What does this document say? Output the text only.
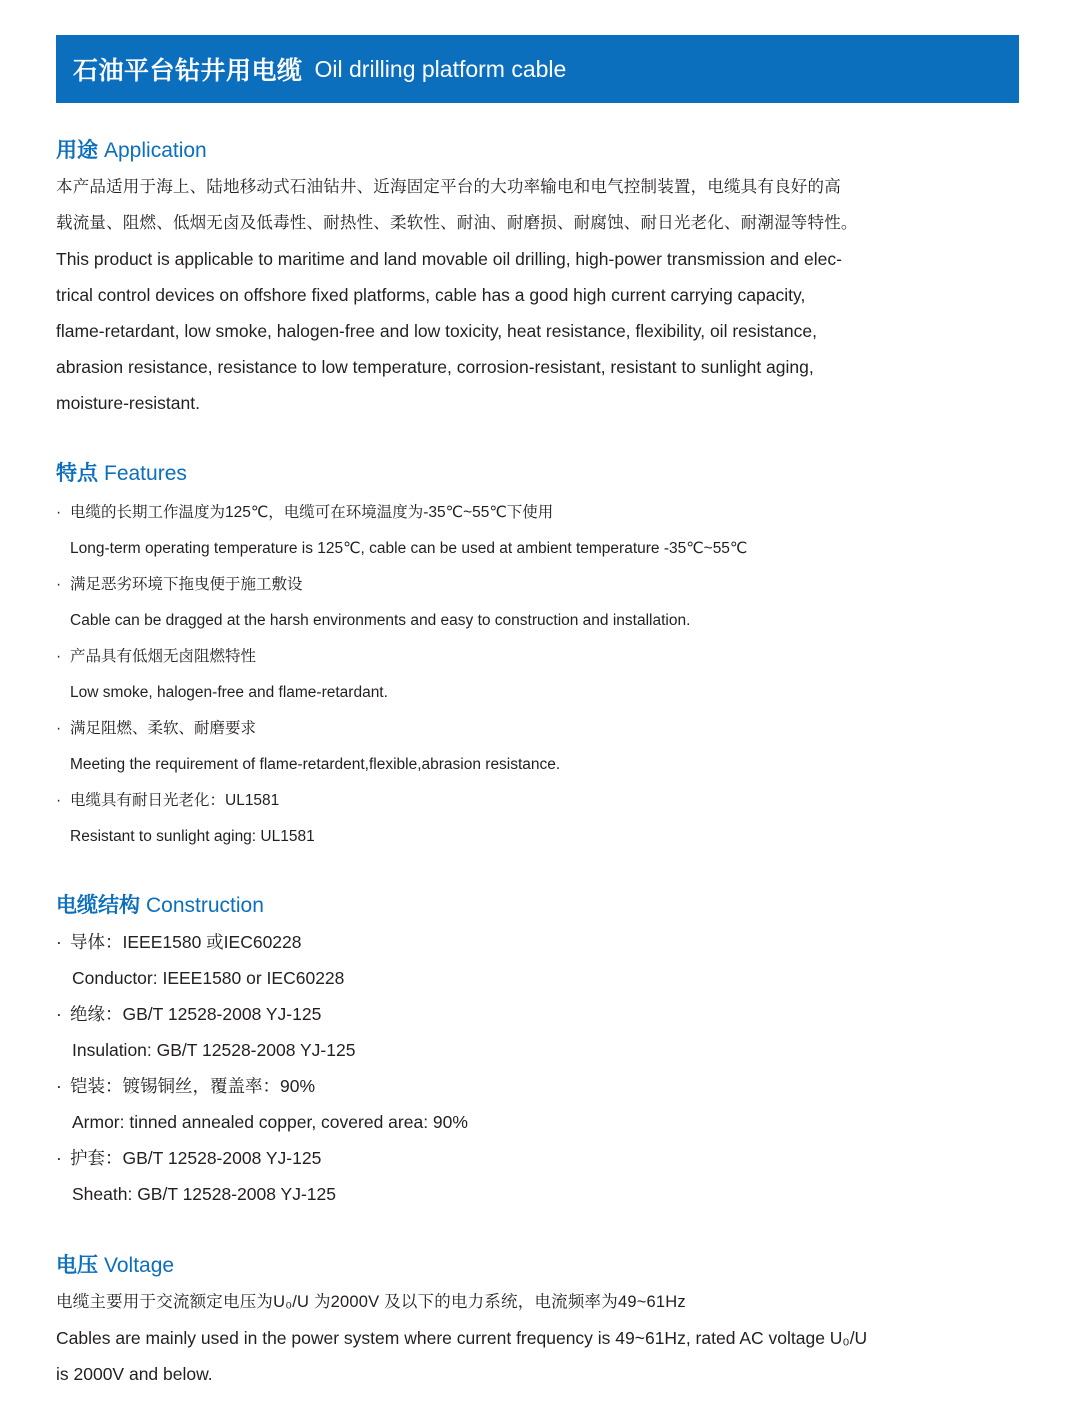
石油平台钻井用电缆 Oil drilling platform cable
用途 Application
本产品适用于海上、陆地移动式石油钻井、近海固定平台的大功率输电和电气控制装置，电缆具有良好的高
载流量、阻燃、低烟无卤及低毒性、耐热性、柔软性、耐油、耐磨损、耐腐蚀、耐日光老化、耐潮湿等特性。
This product is applicable to maritime and land movable oil drilling, high-power transmission and elec-
trical control devices on offshore fixed platforms, cable has a good high current carrying capacity,
flame-retardant, low smoke, halogen-free and low toxicity, heat resistance, flexibility, oil resistance,
abrasion resistance, resistance to low temperature, corrosion-resistant, resistant to sunlight aging,
moisture-resistant.
特点 Features
· 电缆的长期工作温度为125℃，电缆可在环境温度为-35℃~55℃下使用
Long-term operating temperature is 125℃, cable can be used at ambient temperature -35℃~55℃
· 满足恶劣环境下拖曳便于施工敷设
Cable can be dragged at the harsh environments and easy to construction and installation.
· 产品具有低烟无卤阻燃特性
Low smoke, halogen-free and flame-retardant.
· 满足阻燃、柔软、耐磨要求
Meeting the requirement of flame-retardent,flexible,abrasion resistance.
· 电缆具有耐日光老化：UL1581
Resistant to sunlight aging: UL1581
电缆结构 Construction
· 导体：IEEE1580 或IEC60228
Conductor: IEEE1580 or IEC60228
· 绝缘：GB/T 12528-2008 YJ-125
Insulation: GB/T 12528-2008 YJ-125
· 铠装：镀锡铜丝，覆盖率：90%
Armor: tinned annealed copper, covered area: 90%
· 护套：GB/T 12528-2008 YJ-125
Sheath: GB/T 12528-2008 YJ-125
电压 Voltage
电缆主要用于交流额定电压为U₀/U 为2000V 及以下的电力系统，电流频率为49~61Hz
Cables are mainly used in the power system where current frequency is 49~61Hz, rated AC voltage U₀/U
is 2000V and below.
